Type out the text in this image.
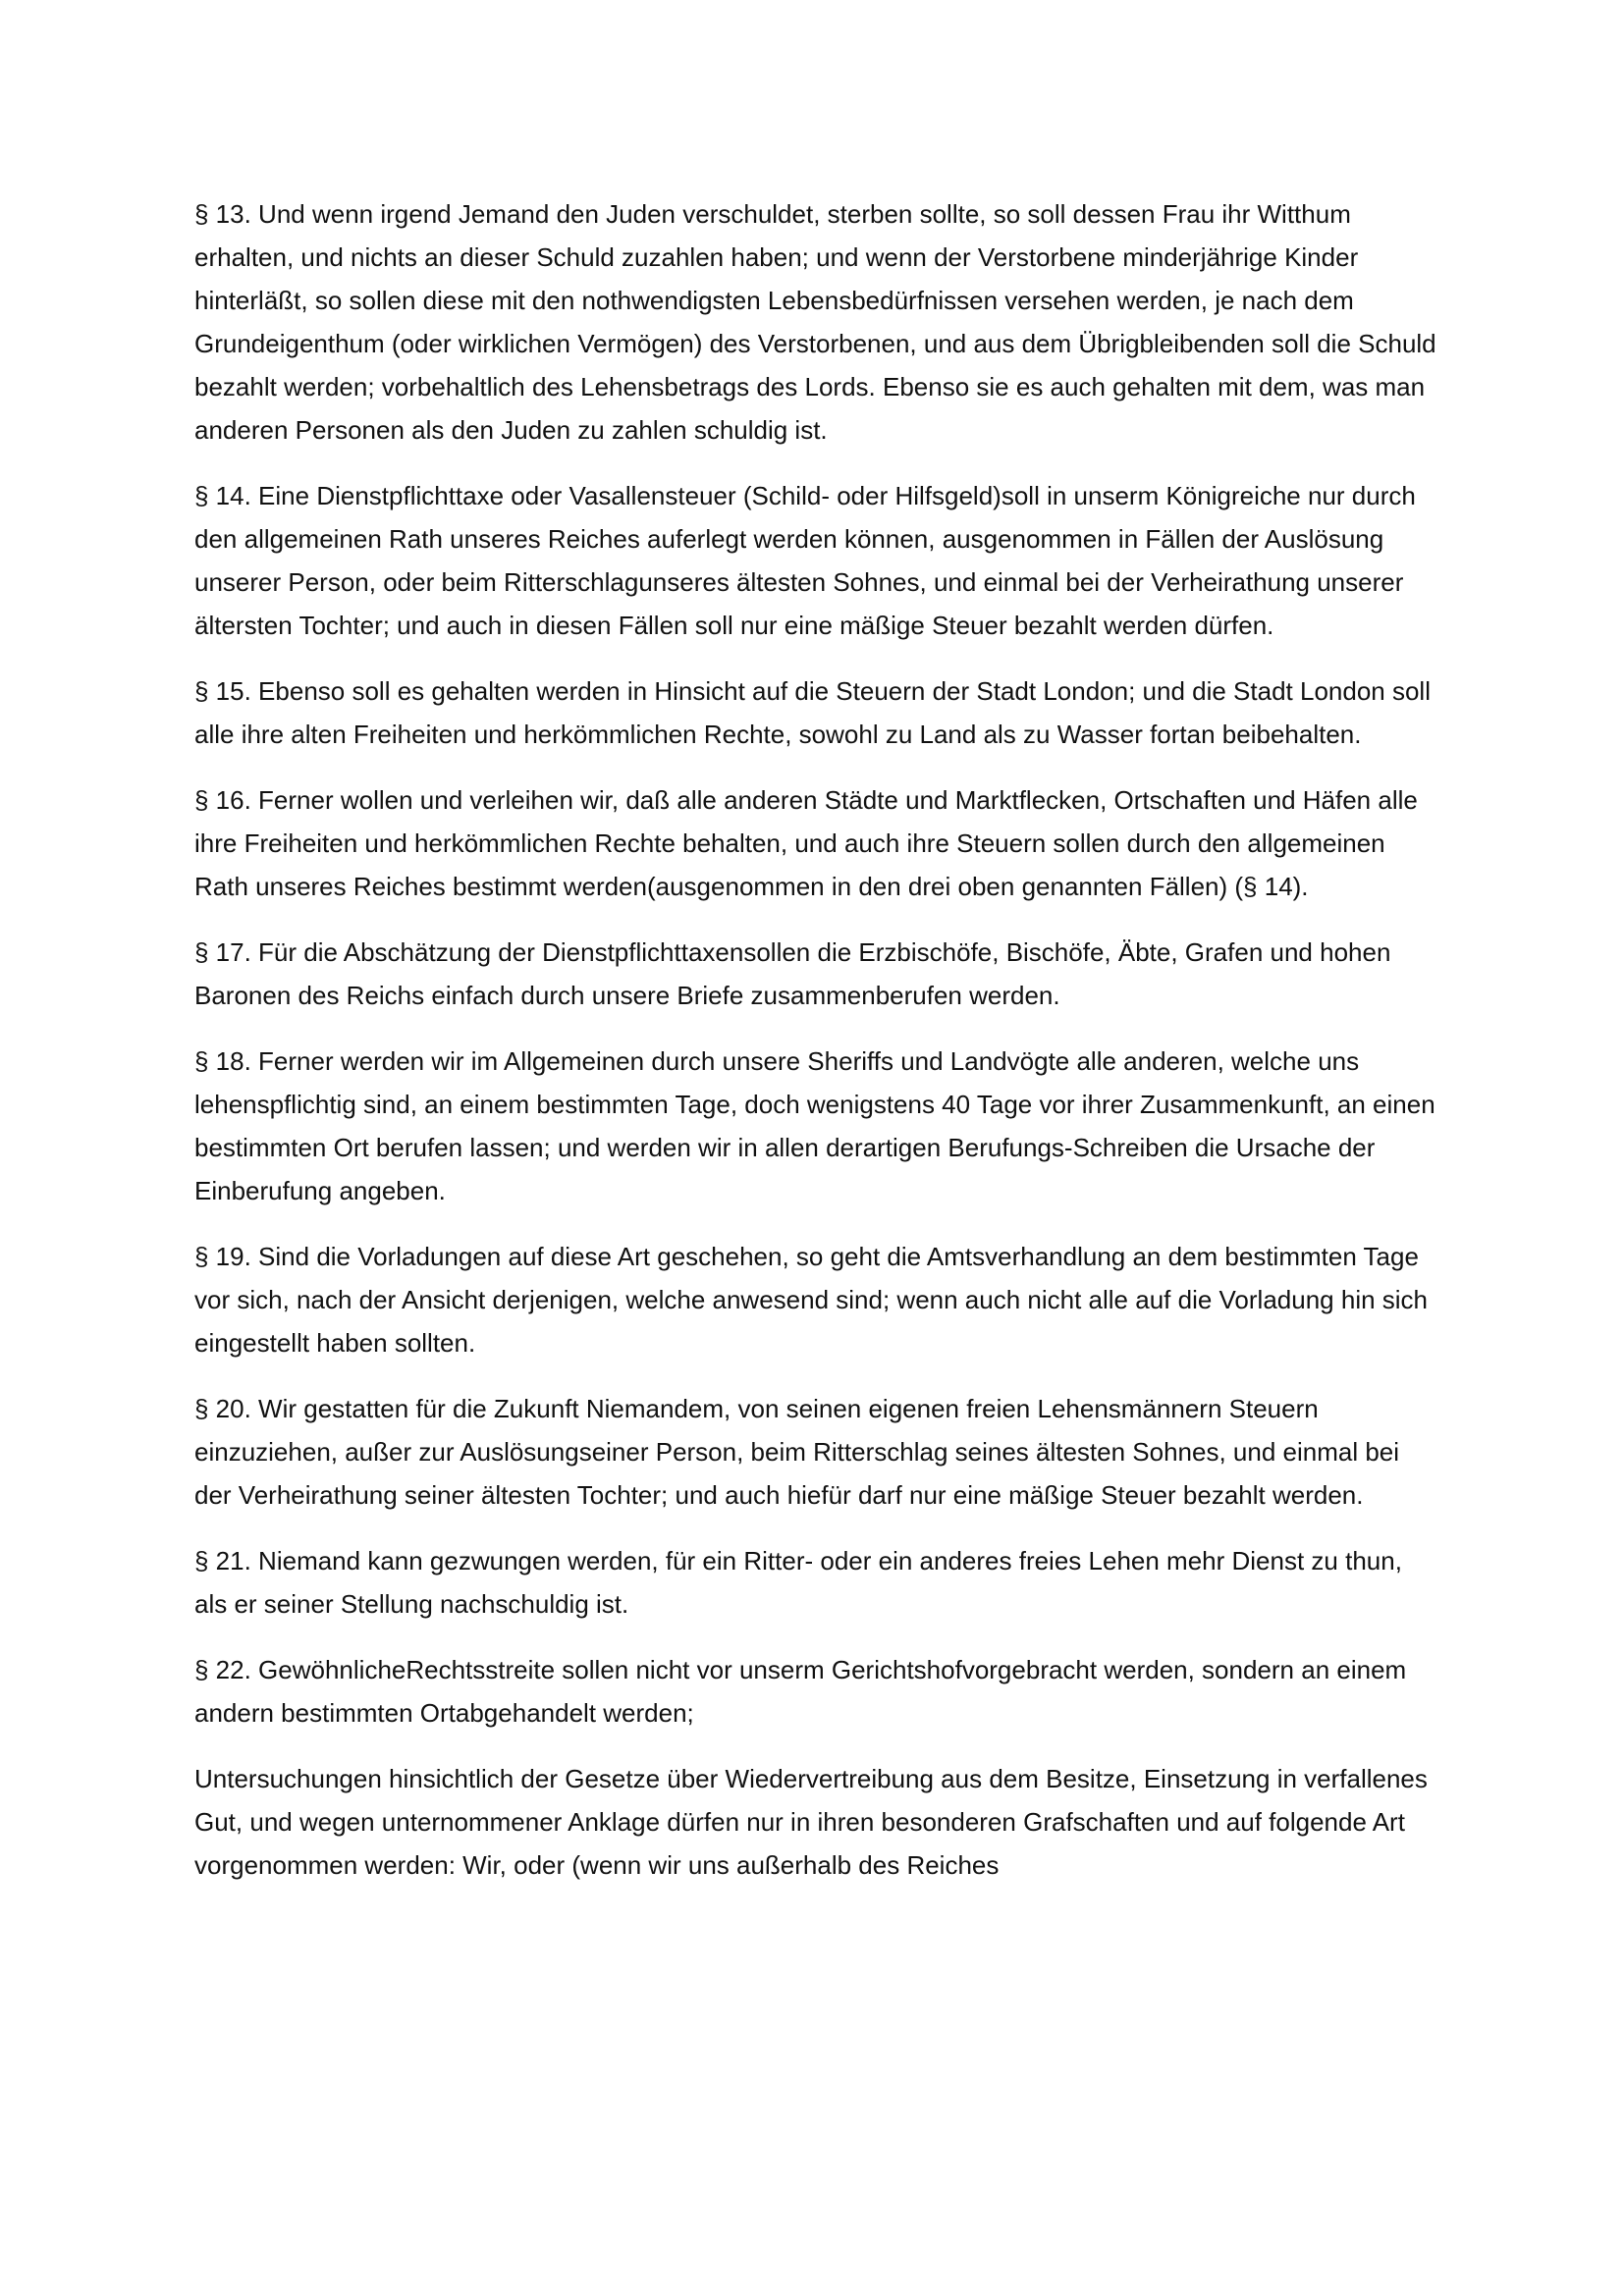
§ 13. Und wenn irgend Jemand den Juden verschuldet, sterben sollte, so soll dessen Frau ihr Witthum erhalten, und nichts an dieser Schuld zuzahlen haben; und wenn der Verstorbene minderjährige Kinder hinterläßt, so sollen diese mit den nothwendigsten Lebensbedürfnissen versehen werden, je nach dem Grundeigenthum (oder wirklichen Vermögen) des Verstorbenen, und aus dem Übrigbleibenden soll die Schuld bezahlt werden; vorbehaltlich des Lehensbetrags des Lords. Ebenso sie es auch gehalten mit dem, was man anderen Personen als den Juden zu zahlen schuldig ist.

§ 14. Eine Dienstpflichttaxe oder Vasallensteuer (Schild- oder Hilfsgeld)soll in unserm Königreiche nur durch den allgemeinen Rath unseres Reiches auferlegt werden können, ausgenommen in Fällen der Auslösung unserer Person, oder beim Ritterschlagunseres ältesten Sohnes, und einmal bei der Verheirathung unserer ältersten Tochter; und auch in diesen Fällen soll nur eine mäßige Steuer bezahlt werden dürfen.

§ 15. Ebenso soll es gehalten werden in Hinsicht auf die Steuern der Stadt London; und die Stadt London soll alle ihre alten Freiheiten und herkömmlichen Rechte, sowohl zu Land als zu Wasser fortan beibehalten.

§ 16. Ferner wollen und verleihen wir, daß alle anderen Städte und Marktflecken, Ortschaften und Häfen alle ihre Freiheiten und herkömmlichen Rechte behalten, und auch ihre Steuern sollen durch den allgemeinen Rath unseres Reiches bestimmt werden(ausgenommen in den drei oben genannten Fällen) (§ 14).

§ 17. Für die Abschätzung der Dienstpflichttaxensollen die Erzbischöfe, Bischöfe, Äbte, Grafen und hohen Baronen des Reichs einfach durch unsere Briefe zusammenberufen werden.

§ 18. Ferner werden wir im Allgemeinen durch unsere Sheriffs und Landvögte alle anderen, welche uns lehenspflichtig sind, an einem bestimmten Tage, doch wenigstens 40 Tage vor ihrer Zusammenkunft, an einen bestimmten Ort berufen lassen; und werden wir in allen derartigen Berufungs-Schreiben die Ursache der Einberufung angeben.

§ 19. Sind die Vorladungen auf diese Art geschehen, so geht die Amtsverhandlung an dem bestimmten Tage vor sich, nach der Ansicht derjenigen, welche anwesend sind; wenn auch nicht alle auf die Vorladung hin sich eingestellt haben sollten.

§ 20. Wir gestatten für die Zukunft Niemandem, von seinen eigenen freien Lehensmännern Steuern einzuziehen, außer zur Auslösungseiner Person, beim Ritterschlag seines ältesten Sohnes, und einmal bei der Verheirathung seiner ältesten Tochter; und auch hiefür darf nur eine mäßige Steuer bezahlt werden.

§ 21. Niemand kann gezwungen werden, für ein Ritter- oder ein anderes freies Lehen mehr Dienst zu thun, als er seiner Stellung nachschuldig ist.

§ 22. GewöhnlicheRechtsstreite sollen nicht vor unserm Gerichtshofvorgebracht werden, sondern an einem andern bestimmten Ortabgehandelt werden;

Untersuchungen hinsichtlich der Gesetze über Wiedervertreibung aus dem Besitze, Einsetzung in verfallenes Gut, und wegen unternommener Anklage dürfen nur in ihren besonderen Grafschaften und auf folgende Art vorgenommen werden: Wir, oder (wenn wir uns außerhalb des Reiches
